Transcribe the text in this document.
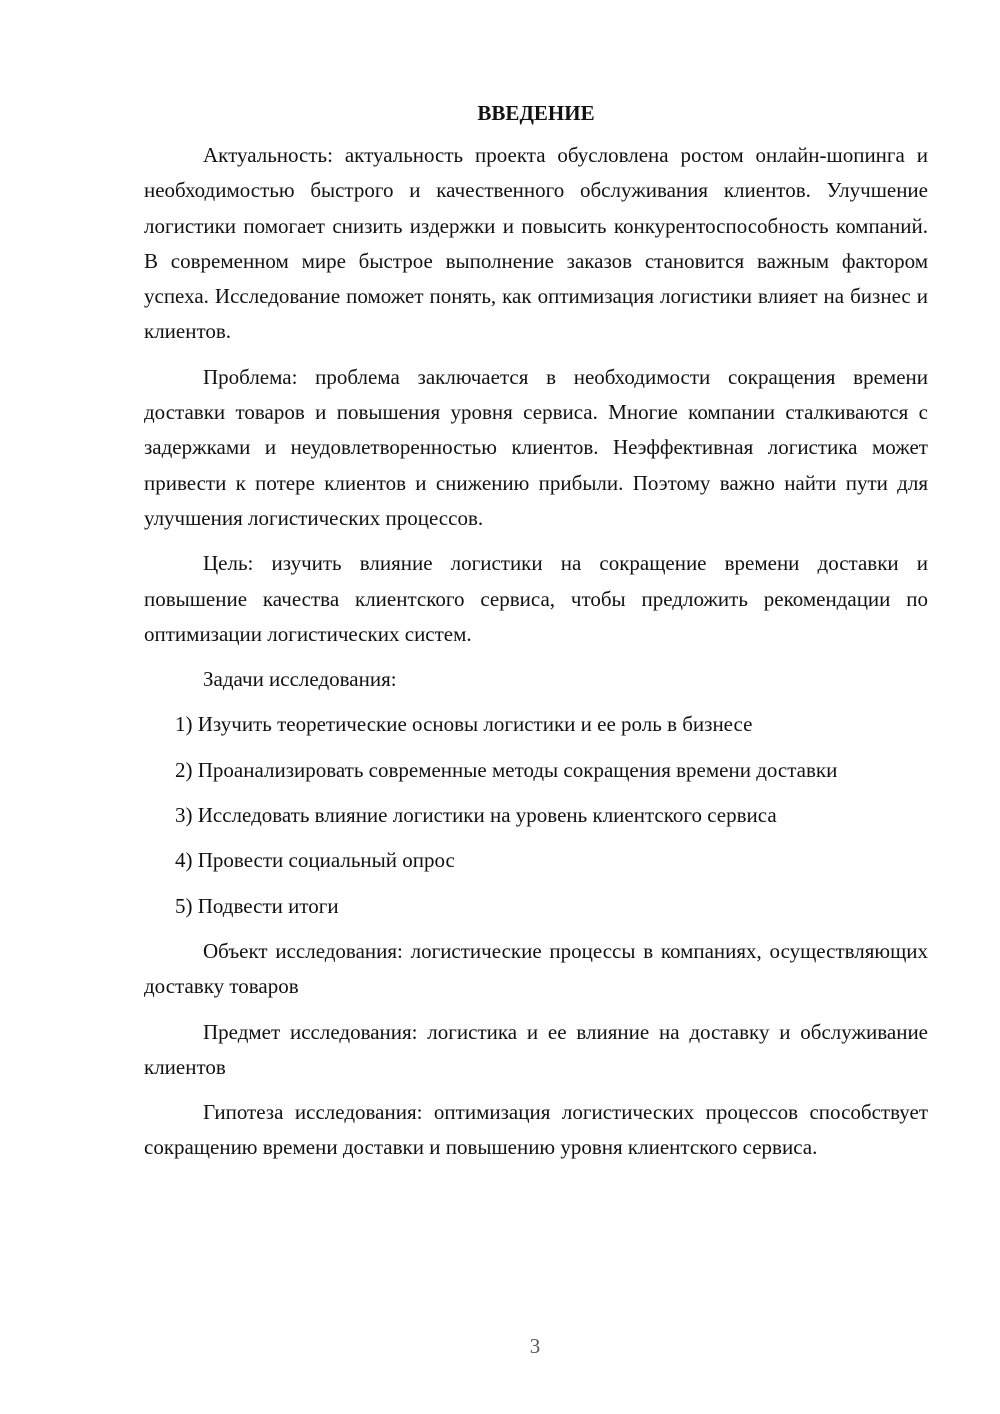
ВВЕДЕНИЕ

Актуальность: актуальность проекта обусловлена ростом онлайн-шопинга и необходимостью быстрого и качественного обслуживания клиентов. Улучшение логистики помогает снизить издержки и повысить конкурентоспособность компаний. В современном мире быстрое выполнение заказов становится важным фактором успеха. Исследование поможет понять, как оптимизация логистики влияет на бизнес и клиентов.

Проблема: проблема заключается в необходимости сокращения времени доставки товаров и повышения уровня сервиса. Многие компании сталкиваются с задержками и неудовлетворенностью клиентов. Неэффективная логистика может привести к потере клиентов и снижению прибыли. Поэтому важно найти пути для улучшения логистических процессов.

Цель: изучить влияние логистики на сокращение времени доставки и повышение качества клиентского сервиса, чтобы предложить рекомендации по оптимизации логистических систем.

Задачи исследования:

1) Изучить теоретические основы логистики и ее роль в бизнесе

2) Проанализировать современные методы сокращения времени доставки

3) Исследовать влияние логистики на уровень клиентского сервиса

4) Провести социальный опрос

5) Подвести итоги

Объект исследования: логистические процессы в компаниях, осуществляющих доставку товаров

Предмет исследования: логистика и ее влияние на доставку и обслуживание клиентов

Гипотеза исследования: оптимизация логистических процессов способствует сокращению времени доставки и повышению уровня клиентского сервиса.

3
